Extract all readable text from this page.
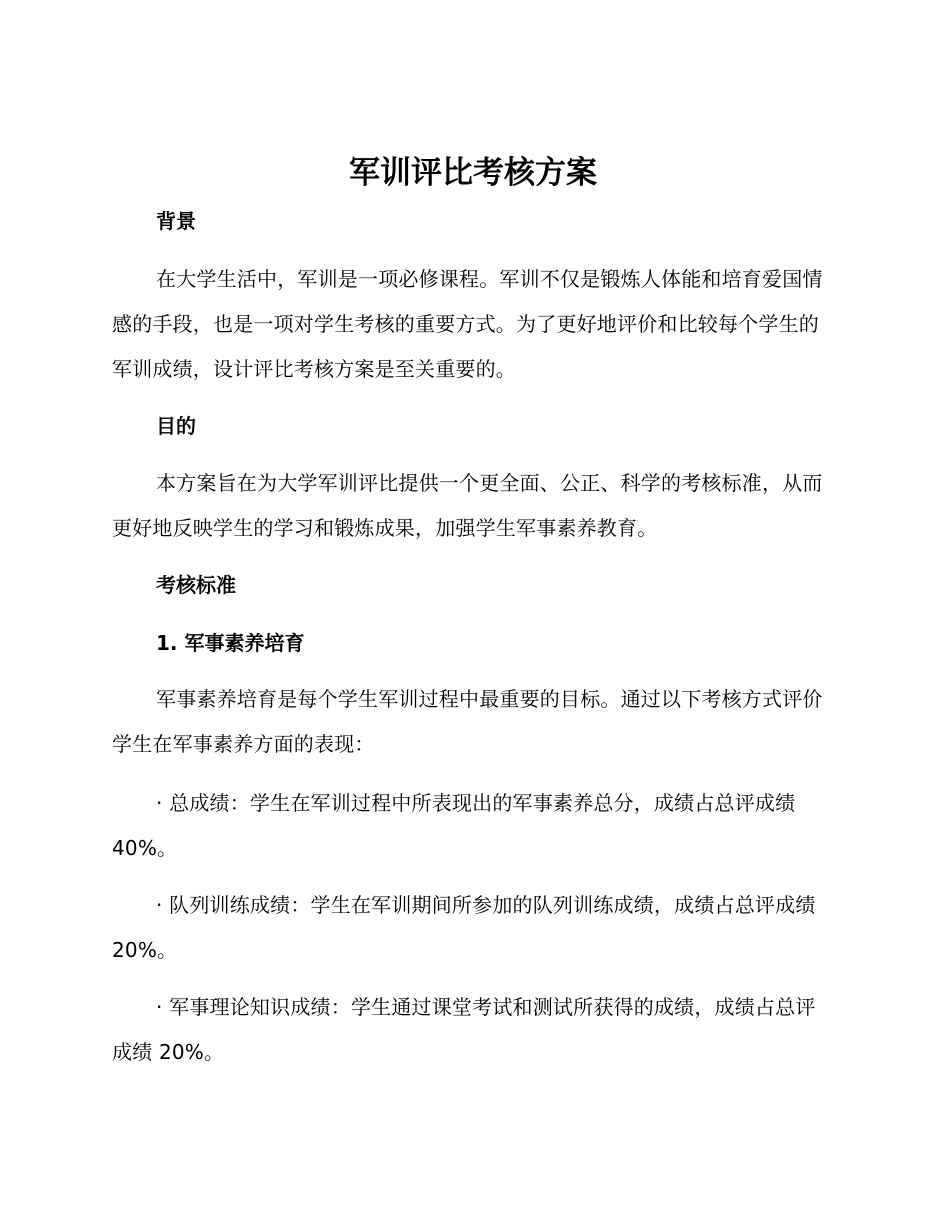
军训评比考核方案
背景

在大学生活中，军训是一项必修课程。军训不仅是锻炼人体能和培育爱国情感的手段，也是一项对学生考核的重要方式。为了更好地评价和比较每个学生的军训成绩，设计评比考核方案是至关重要的。

目的

本方案旨在为大学军训评比提供一个更全面、公正、科学的考核标准，从而更好地反映学生的学习和锻炼成果，加强学生军事素养教育。

考核标准
1. 军事素养培育

军事素养培育是每个学生军训过程中最重要的目标。通过以下考核方式评价学生在军事素养方面的表现：

· 总成绩：学生在军训过程中所表现出的军事素养总分，成绩占总评成绩 40%。

· 队列训练成绩：学生在军训期间所参加的队列训练成绩，成绩占总评成绩 20%。

· 军事理论知识成绩：学生通过课堂考试和测试所获得的成绩，成绩占总评成绩 20%。
